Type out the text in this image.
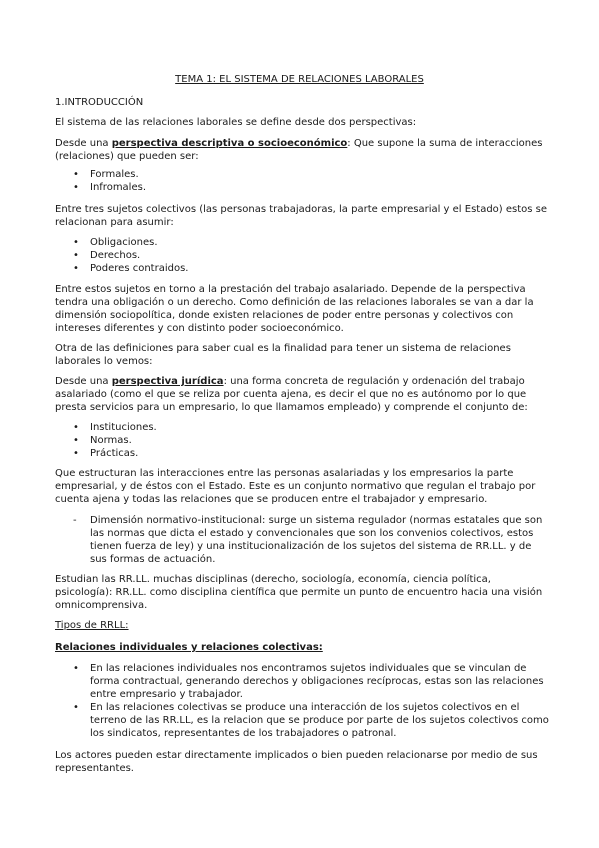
TEMA 1: EL SISTEMA DE RELACIONES LABORALES

1.INTRODUCCIÓN

El sistema de las relaciones laborales se define desde dos perspectivas:

Desde una perspectiva descriptiva o socioeconómico: Que supone la suma de interacciones (relaciones) que pueden ser:

• Formales.
• Infromales.

Entre tres sujetos colectivos (las personas trabajadoras, la parte empresarial y el Estado) estos se relacionan para asumir:

• Obligaciones.
• Derechos.
• Poderes contraidos.

Entre estos sujetos en torno a la prestación del trabajo asalariado. Depende de la perspectiva tendra una obligación o un derecho. Como definición de las relaciones laborales se van a dar la dimensión sociopolítica, donde existen relaciones de poder entre personas y colectivos con intereses diferentes y con distinto poder socioeconómico.

Otra de las definiciones para saber cual es la finalidad para tener un sistema de relaciones laborales lo vemos:

Desde una perspectiva jurídica: una forma concreta de regulación y ordenación del trabajo asalariado (como el que se reliza por cuenta ajena, es decir el que no es autónomo por lo que presta servicios para un empresario, lo que llamamos empleado) y comprende el conjunto de:

• Instituciones.
• Normas.
• Prácticas.

Que estructuran las interacciones entre las personas asalariadas y los empresarios la parte empresarial, y de éstos con el Estado. Este es un conjunto normativo que regulan el trabajo por cuenta ajena y todas las relaciones que se producen entre el trabajador y empresario.

- Dimensión normativo-institucional: surge un sistema regulador (normas estatales que son las normas que dicta el estado y convencionales que son los convenios colectivos, estos tienen fuerza de ley) y una institucionalización de los sujetos del sistema de RR.LL. y de sus formas de actuación.

Estudian las RR.LL. muchas disciplinas (derecho, sociología, economía, ciencia política, psicología): RR.LL. como disciplina científica que permite un punto de encuentro hacia una visión omnicomprensiva.

Tipos de RRLL:

Relaciones individuales y relaciones colectivas:

• En las relaciones individuales nos encontramos sujetos individuales que se vinculan de forma contractual, generando derechos y obligaciones recíprocas, estas son las relaciones entre empresario y trabajador.
• En las relaciones colectivas se produce una interacción de los sujetos colectivos en el terreno de las RR.LL, es la relacion que se produce por parte de los sujetos colectivos como los sindicatos, representantes de los trabajadores o patronal.

Los actores pueden estar directamente implicados o bien pueden relacionarse por medio de sus representantes.
